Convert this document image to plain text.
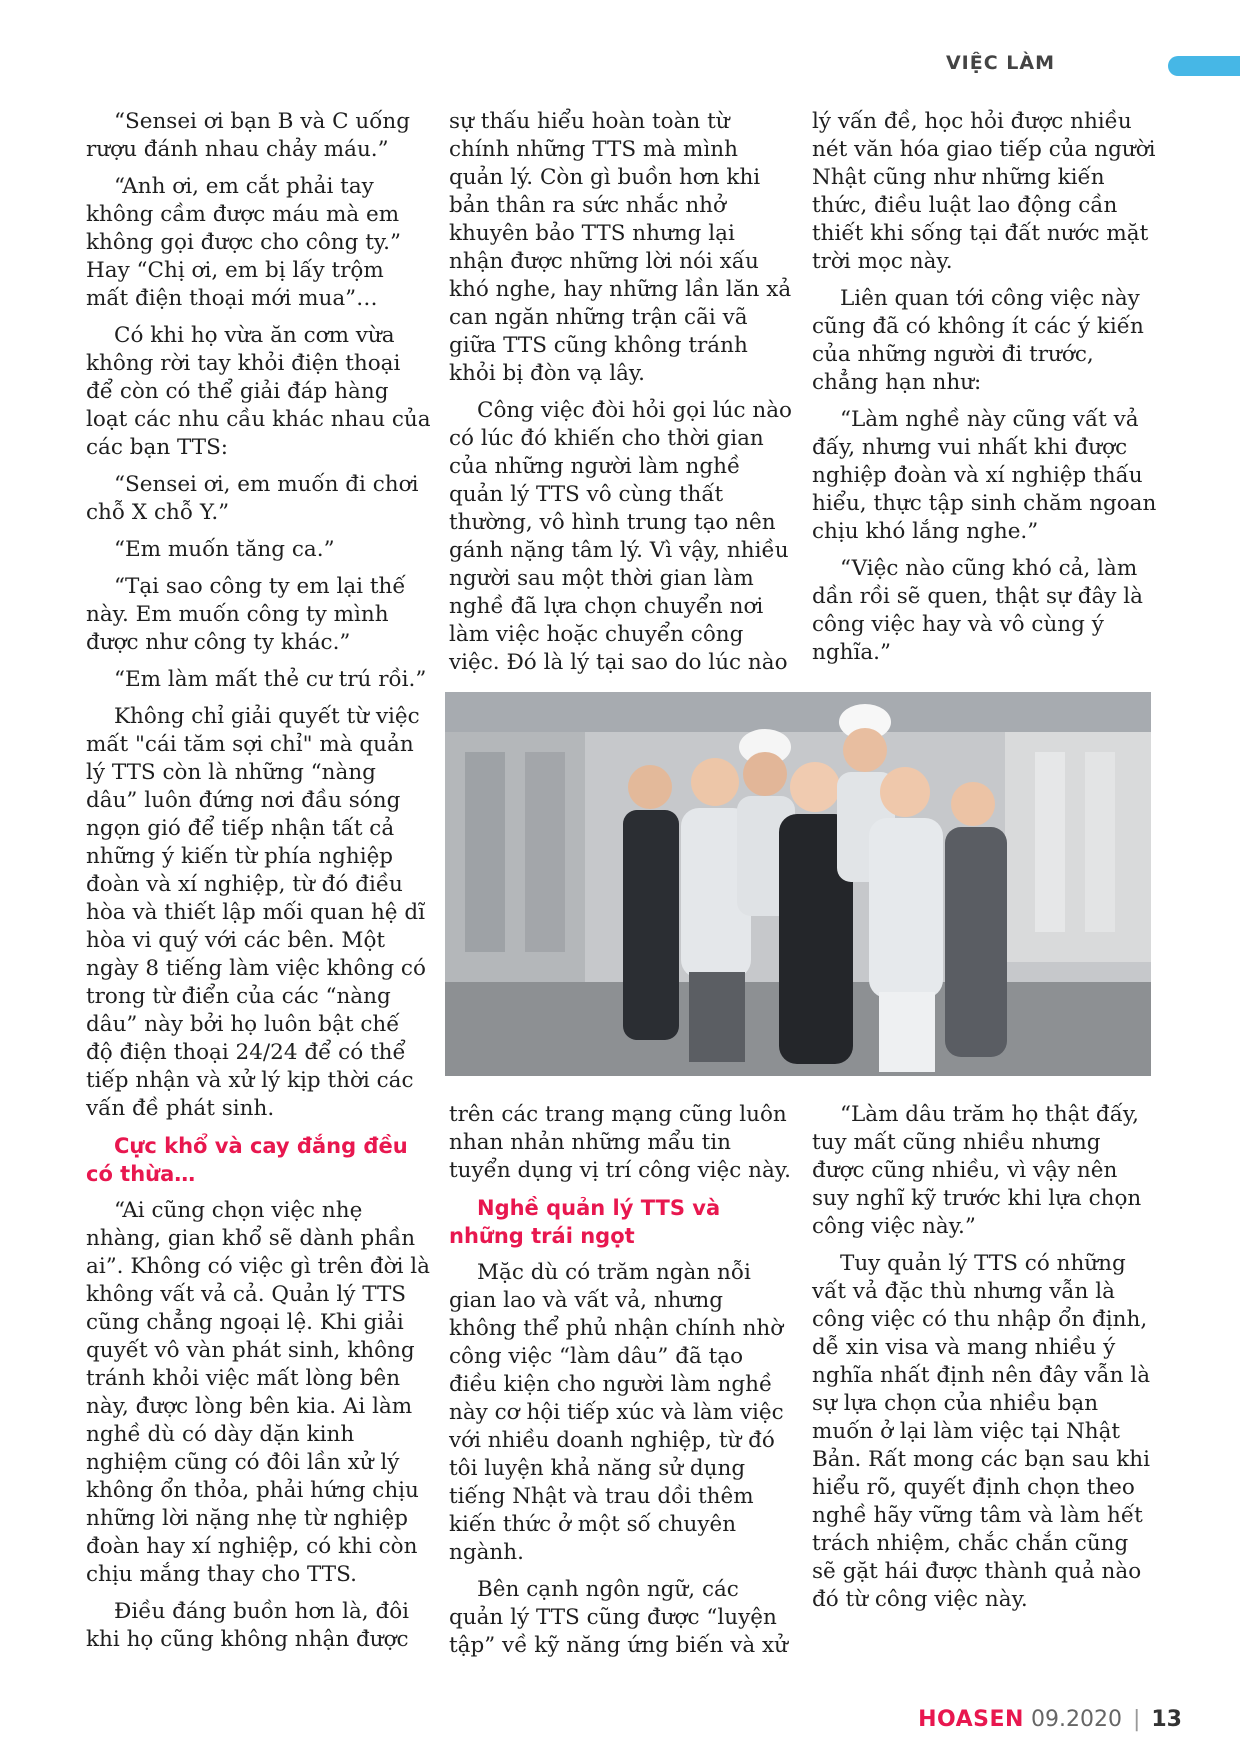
VIỆC LÀM

“Sensei ơi bạn B và C uống rượu đánh nhau chảy máu.”

“Anh ơi, em cắt phải tay không cầm được máu mà em không gọi được cho công ty.” Hay “Chị ơi, em bị lấy trộm mất điện thoại mới mua”…

Có khi họ vừa ăn cơm vừa không rời tay khỏi điện thoại để còn có thể giải đáp hàng loạt các nhu cầu khác nhau của các bạn TTS:

“Sensei ơi, em muốn đi chơi chỗ X chỗ Y.”

“Em muốn tăng ca.”

“Tại sao công ty em lại thế này. Em muốn công ty mình được như công ty khác.”

“Em làm mất thẻ cư trú rồi.”

Không chỉ giải quyết từ việc mất "cái tăm sợi chỉ" mà quản lý TTS còn là những “nàng dâu” luôn đứng nơi đầu sóng ngọn gió để tiếp nhận tất cả những ý kiến từ phía nghiệp đoàn và xí nghiệp, từ đó điều hòa và thiết lập mối quan hệ dĩ hòa vi quý với các bên. Một ngày 8 tiếng làm việc không có trong từ điển của các “nàng dâu” này bởi họ luôn bật chế độ điện thoại 24/24 để có thể tiếp nhận và xử lý kịp thời các vấn đề phát sinh.

Cực khổ và cay đắng đều có thừa…

“Ai cũng chọn việc nhẹ nhàng, gian khổ sẽ dành phần ai”. Không có việc gì trên đời là không vất vả cả. Quản lý TTS cũng chẳng ngoại lệ. Khi giải quyết vô vàn phát sinh, không tránh khỏi việc mất lòng bên này, được lòng bên kia. Ai làm nghề dù có dày dặn kinh nghiệm cũng có đôi lần xử lý không ổn thỏa, phải hứng chịu những lời nặng nhẹ từ nghiệp đoàn hay xí nghiệp, có khi còn chịu mắng thay cho TTS.

Điều đáng buồn hơn là, đôi khi họ cũng không nhận được

sự thấu hiểu hoàn toàn từ chính những TTS mà mình quản lý. Còn gì buồn hơn khi bản thân ra sức nhắc nhở khuyên bảo TTS nhưng lại nhận được những lời nói xấu khó nghe, hay những lần lăn xả can ngăn những trận cãi vã giữa TTS cũng không tránh khỏi bị đòn vạ lây.

Công việc đòi hỏi gọi lúc nào có lúc đó khiến cho thời gian của những người làm nghề quản lý TTS vô cùng thất thường, vô hình trung tạo nên gánh nặng tâm lý. Vì vậy, nhiều người sau một thời gian làm nghề đã lựa chọn chuyển nơi làm việc hoặc chuyển công việc. Đó là lý tại sao do lúc nào

lý vấn đề, học hỏi được nhiều nét văn hóa giao tiếp của người Nhật cũng như những kiến thức, điều luật lao động cần thiết khi sống tại đất nước mặt trời mọc này.

Liên quan tới công việc này cũng đã có không ít các ý kiến của những người đi trước, chẳng hạn như:

“Làm nghề này cũng vất vả đấy, nhưng vui nhất khi được nghiệp đoàn và xí nghiệp thấu hiểu, thực tập sinh chăm ngoan chịu khó lắng nghe.”

“Việc nào cũng khó cả, làm dần rồi sẽ quen, thật sự đây là công việc hay và vô cùng ý nghĩa.”

trên các trang mạng cũng luôn nhan nhản những mẩu tin tuyển dụng vị trí công việc này.

Nghề quản lý TTS và những trái ngọt

Mặc dù có trăm ngàn nỗi gian lao và vất vả, nhưng không thể phủ nhận chính nhờ công việc “làm dâu” đã tạo điều kiện cho người làm nghề này cơ hội tiếp xúc và làm việc với nhiều doanh nghiệp, từ đó tôi luyện khả năng sử dụng tiếng Nhật và trau dồi thêm kiến thức ở một số chuyên ngành.

Bên cạnh ngôn ngữ, các quản lý TTS cũng được “luyện tập” về kỹ năng ứng biến và xử

“Làm dâu trăm họ thật đấy, tuy mất cũng nhiều nhưng được cũng nhiều, vì vậy nên suy nghĩ kỹ trước khi lựa chọn công việc này.”

Tuy quản lý TTS có những vất vả đặc thù nhưng vẫn là công việc có thu nhập ổn định, dễ xin visa và mang nhiều ý nghĩa nhất định nên đây vẫn là sự lựa chọn của nhiều bạn muốn ở lại làm việc tại Nhật Bản. Rất mong các bạn sau khi hiểu rõ, quyết định chọn theo nghề hãy vững tâm và làm hết trách nhiệm, chắc chắn cũng sẽ gặt hái được thành quả nào đó từ công việc này.

HOASEN 09.2020 | 13
